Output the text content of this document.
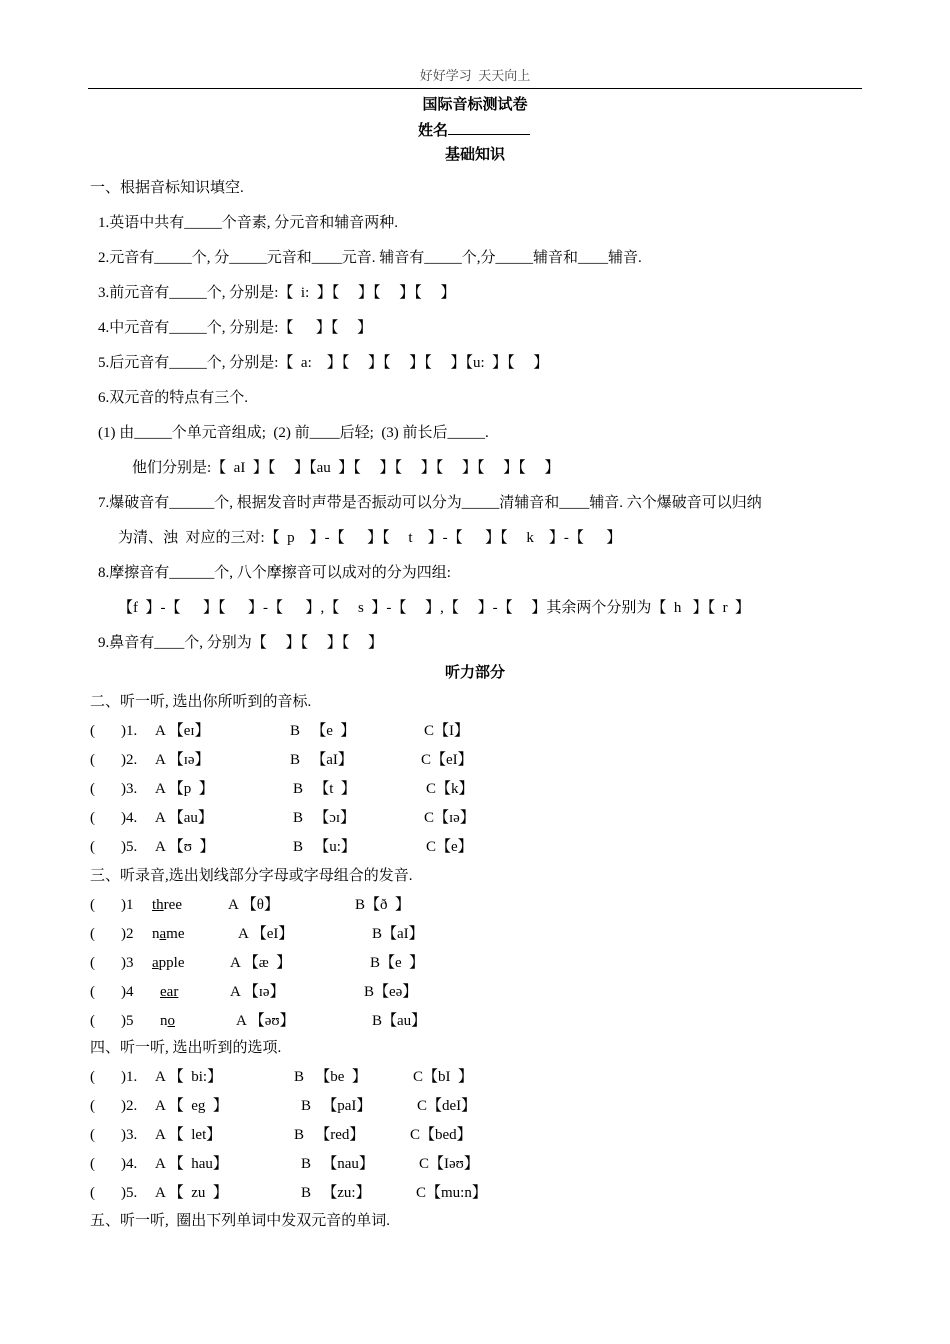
好好学习  天天向上
国际音标测试卷
姓名
基础知识
一、根据音标知识填空.
1.英语中共有_____个音素, 分元音和辅音两种.
2.元音有_____个, 分_____元音和____元音. 辅音有_____个,分_____辅音和____辅音.
3.前元音有_____个, 分别是:【  i:  】【     】【     】【     】
4.中元音有_____个, 分别是:【      】【     】
5.后元音有_____个, 分别是:【  a:    】【     】【     】【     】【u:  】【     】
6.双元音的特点有三个.
(1) 由_____个单元音组成;  (2) 前____后轻;  (3) 前长后_____.
他们分别是:【  aI  】【     】【au  】【     】【     】【     】【     】【     】
7.爆破音有______个, 根据发音时声带是否振动可以分为_____清辅音和____辅音. 六个爆破音可以归纳
为清、浊  对应的三对:【  p    】-【      】【     t    】-【      】【     k    】-【      】
8.摩擦音有______个, 八个摩擦音可以成对的分为四组:
【f  】-【      】【      】-【      】,【     s  】-【     】,【     】-【     】其余两个分别为【  h   】【  r  】
9.鼻音有____个, 分别为【     】【     】【     】
听力部分
二、听一听, 选出你所听到的音标.
( )1. A 【eɪ】	B   【e  】	C【I】
( )2. A 【ɪə】	B   【aI】	C【eI】
( )3. A 【p  】	B   【t  】	C【k】
( )4. A 【au】	B   【ɔɪ】	C【ɪə】
( )5. A 【ʊ  】	B   【u:】	C【e】
三、听录音,选出划线部分字母或字母组合的发音.
( )1 three	A 【θ】	B【ð  】
( )2 name	A 【eI】	B【aI】
( )3 apple	A 【æ  】	B【e  】
( )4 ear	A 【ɪə】	B【eə】
( )5 no	A 【əʊ】	B【au】
四、听一听, 选出听到的选项.
( )1. A 【  bi:】	B   【be  】	C【bI  】
( )2. A 【  eg  】	B   【paI】	C【deI】
( )3. A 【  let】	B   【red】	C【bed】
( )4. A 【  hau】	B   【nau】	C【Iəʊ】
( )5. A 【  zu  】	B   【zu:】	C【mu:n】
五、听一听,  圈出下列单词中发双元音的单词.
